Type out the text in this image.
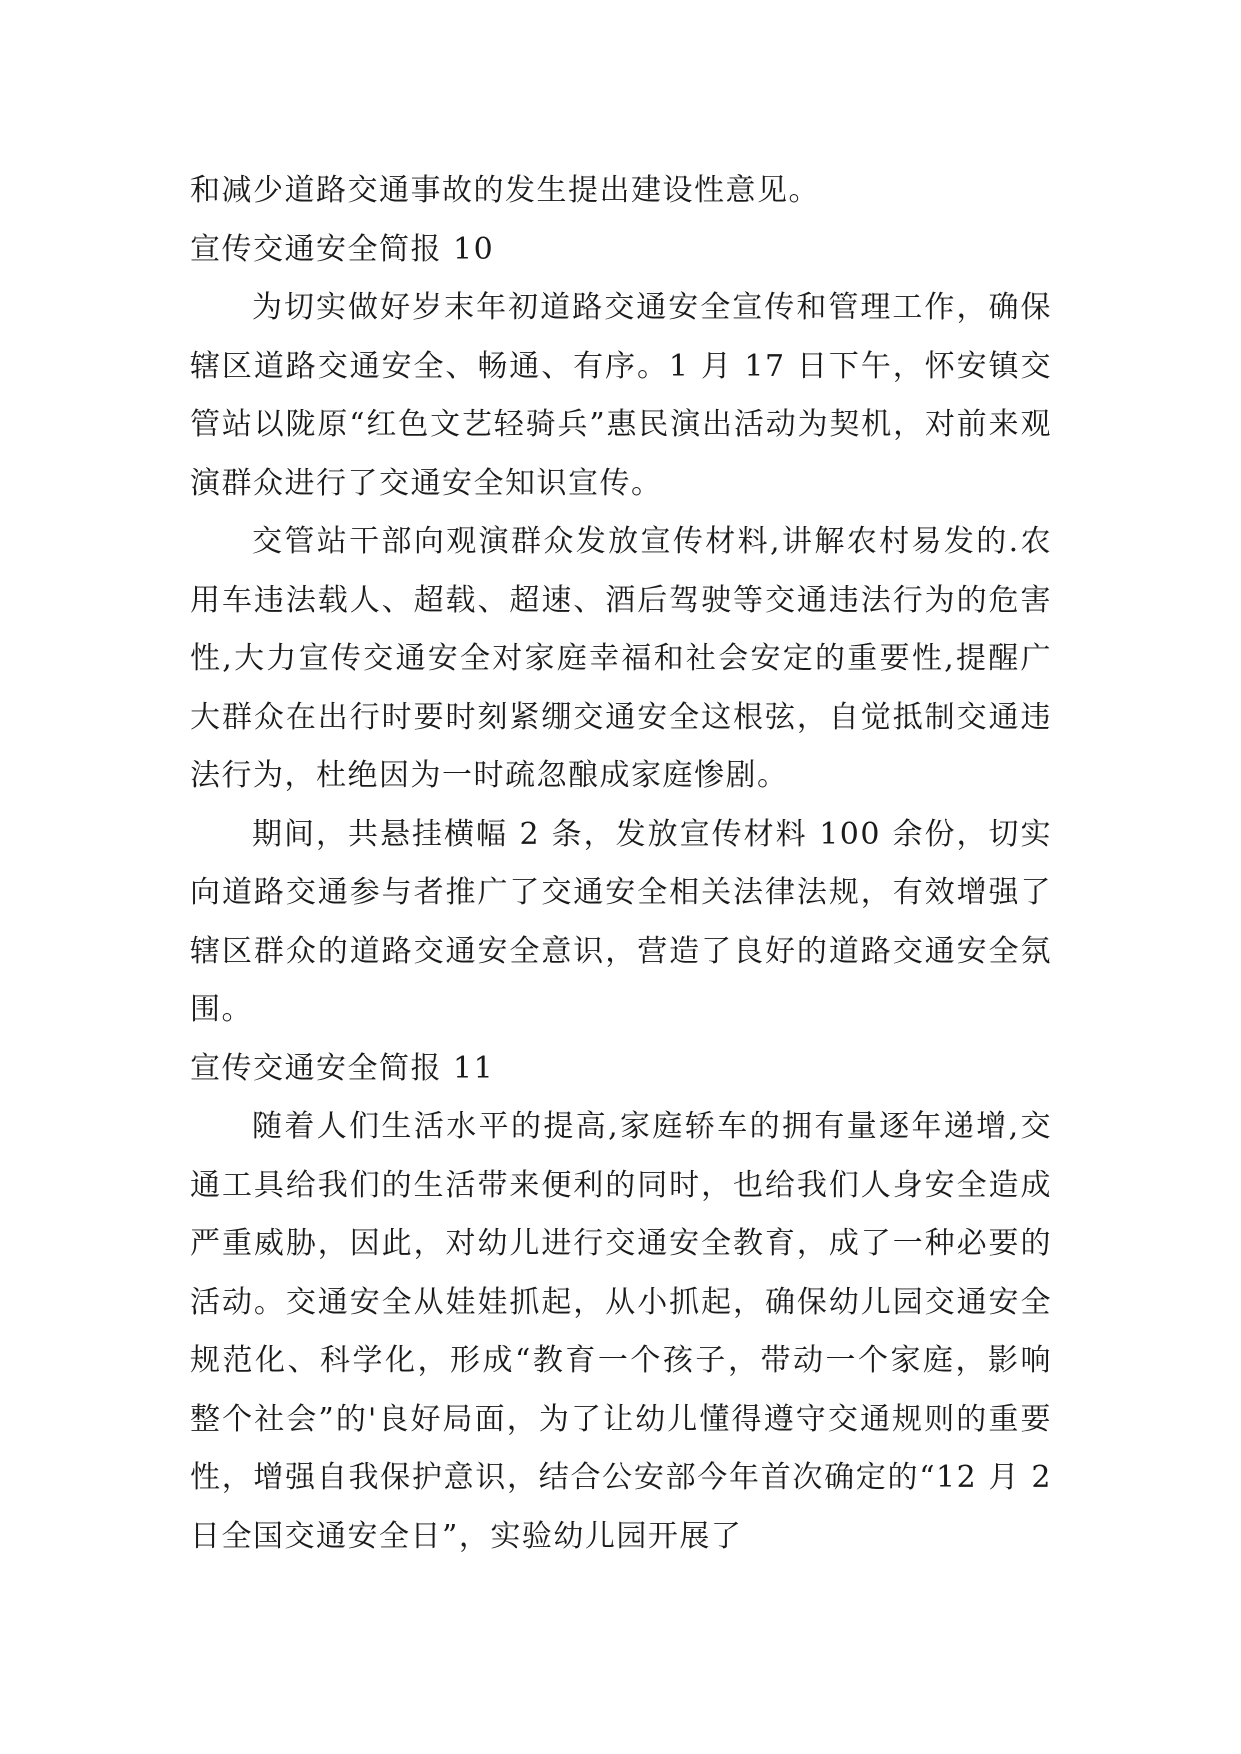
和减少道路交通事故的发生提出建设性意见。

宣传交通安全简报 10

为切实做好岁末年初道路交通安全宣传和管理工作，确保辖区道路交通安全、畅通、有序。1 月 17 日下午，怀安镇交管站以陇原“红色文艺轻骑兵”惠民演出活动为契机，对前来观演群众进行了交通安全知识宣传。

交管站干部向观演群众发放宣传材料,讲解农村易发的.农用车违法载人、超载、超速、酒后驾驶等交通违法行为的危害性,大力宣传交通安全对家庭幸福和社会安定的重要性,提醒广大群众在出行时要时刻紧绷交通安全这根弦，自觉抵制交通违法行为，杜绝因为一时疏忽酿成家庭惨剧。

期间，共悬挂横幅 2 条，发放宣传材料 100 余份，切实向道路交通参与者推广了交通安全相关法律法规，有效增强了辖区群众的道路交通安全意识，营造了良好的道路交通安全氛围。

宣传交通安全简报 11

随着人们生活水平的提高,家庭轿车的拥有量逐年递增,交通工具给我们的生活带来便利的同时，也给我们人身安全造成严重威胁，因此，对幼儿进行交通安全教育，成了一种必要的活动。交通安全从娃娃抓起，从小抓起，确保幼儿园交通安全规范化、科学化，形成“教育一个孩子，带动一个家庭，影响整个社会”的'良好局面，为了让幼儿懂得遵守交通规则的重要性，增强自我保护意识，结合公安部今年首次确定的“12 月 2 日全国交通安全日”，实验幼儿园开展了
